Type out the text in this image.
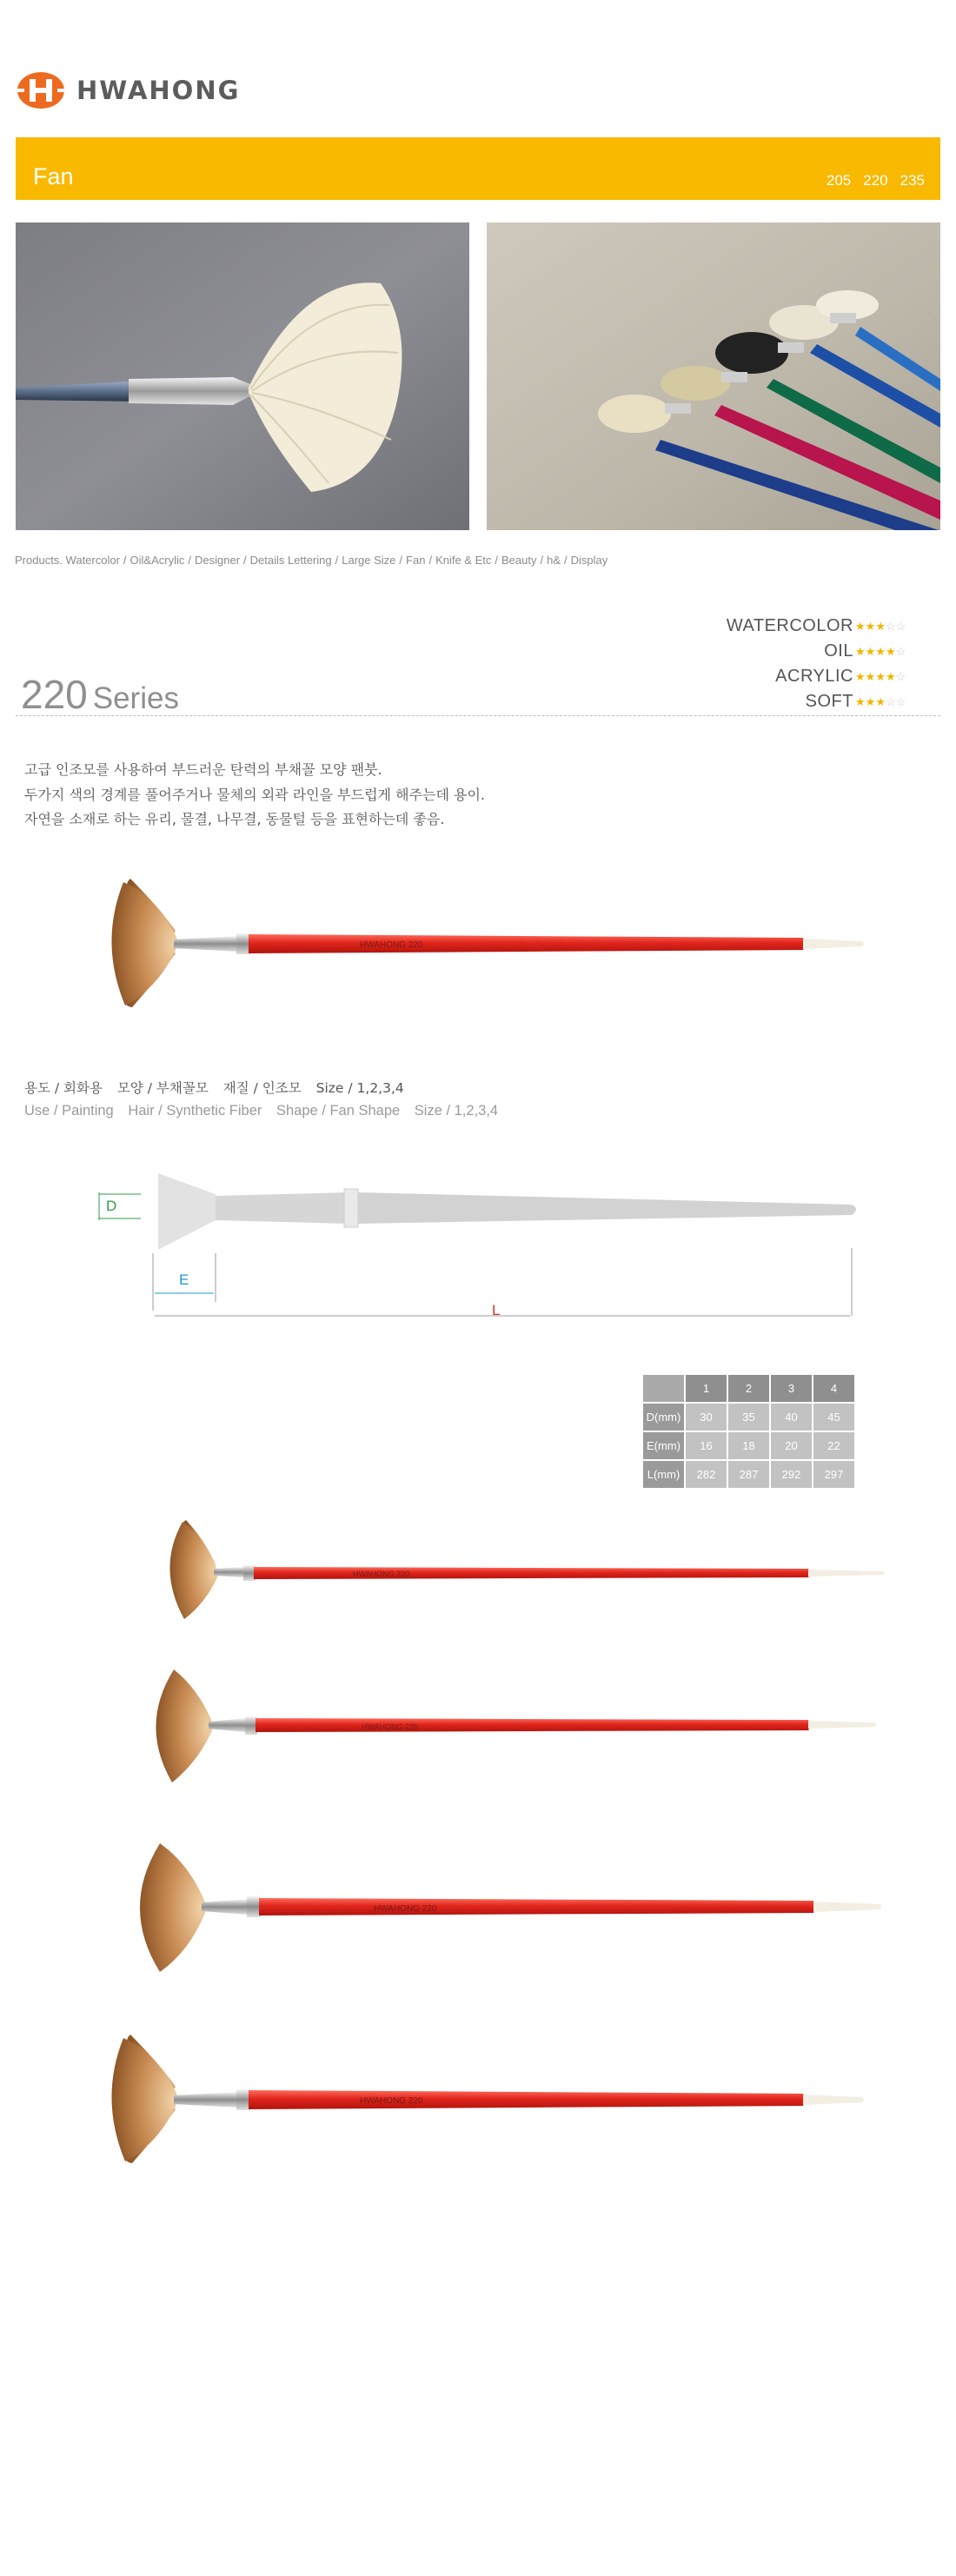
HWAHONG
Fan	205 220 235
Products. Watercolor / Oil&Acrylic / Designer / Details Lettering / Large Size / Fan / Knife & Etc / Beauty / h& / Display
WATERCOLOR ★★★☆☆
OIL ★★★★☆
ACRYLIC ★★★★☆
SOFT ★★★☆☆
220 Series

고급 인조모를 사용하여 부드러운 탄력의 부채꼴 모양 팬붓.

두가지 색의 경계를 풀어주거나 물체의 외곽 라인을 부드럽게 해주는데 용이.

자연을 소재로 하는 유리, 물결, 나무결, 동물털 등을 표현하는데 좋음.

용도 / 회화용 모양 / 부채꼴모 재질 / 인조모 Size / 1,2,3,4
Use / Painting Hair / Synthetic Fiber Shape / Fan Shape Size / 1,2,3,4
D
E
L
	1	2	3	4
D(mm)	30	35	40	45
E(mm)	16	18	20	22
L(mm)	282	287	292	297
